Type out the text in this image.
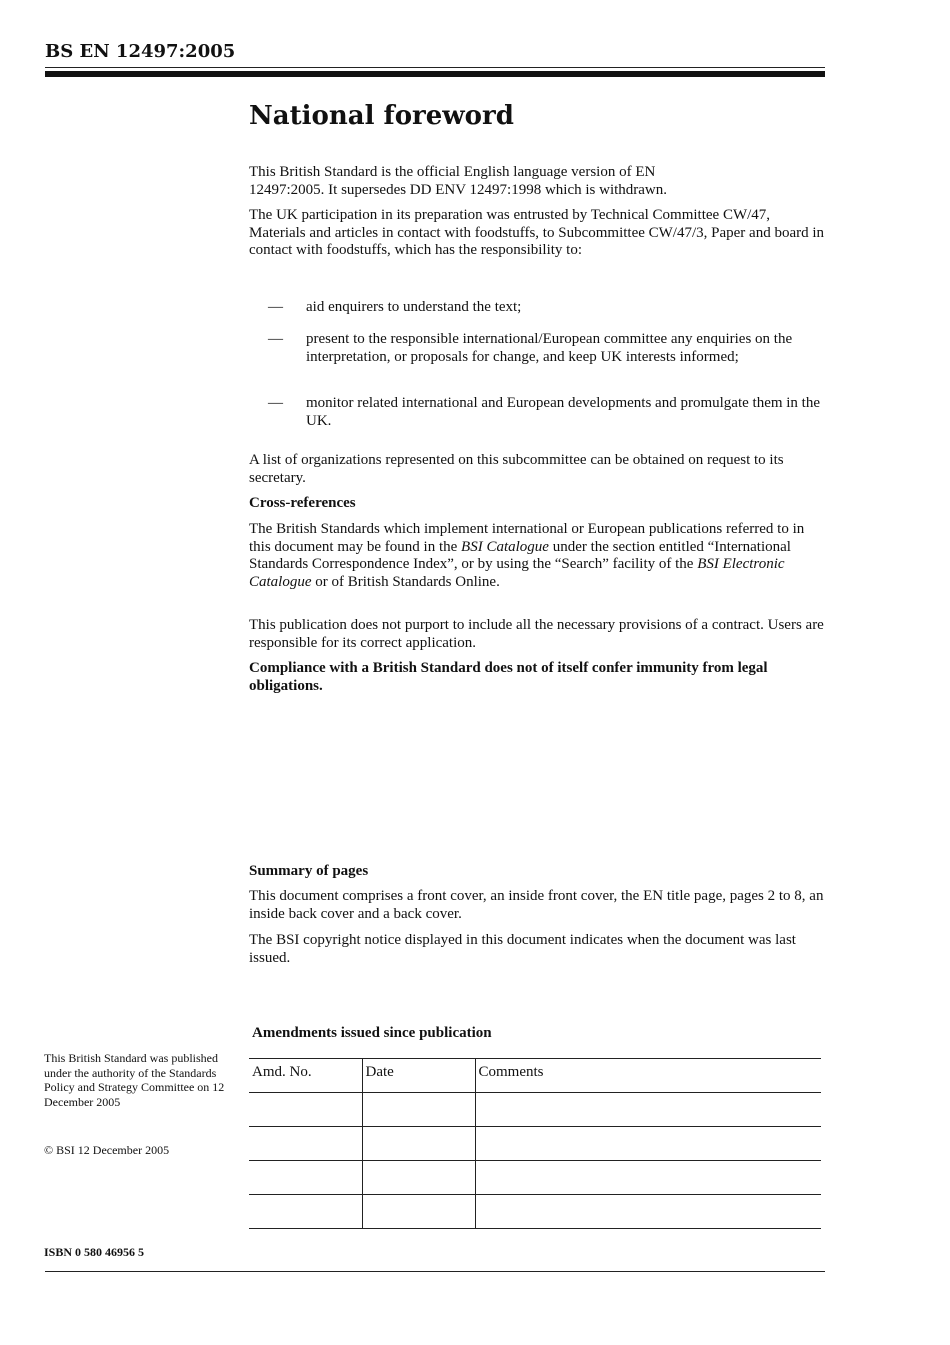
BS EN 12497:2005
National foreword

This British Standard is the official English language version of EN 12497:2005. It supersedes DD ENV 12497:1998 which is withdrawn.

The UK participation in its preparation was entrusted by Technical Committee CW/47, Materials and articles in contact with foodstuffs, to Subcommittee CW/47/3, Paper and board in contact with foodstuffs, which has the responsibility to:

— aid enquirers to understand the text;
— present to the responsible international/European committee any enquiries on the interpretation, or proposals for change, and keep UK interests informed;
— monitor related international and European developments and promulgate them in the UK.

A list of organizations represented on this subcommittee can be obtained on request to its secretary.

Cross-references

The British Standards which implement international or European publications referred to in this document may be found in the BSI Catalogue under the section entitled “International Standards Correspondence Index”, or by using the “Search” facility of the BSI Electronic Catalogue or of British Standards Online.

This publication does not purport to include all the necessary provisions of a contract. Users are responsible for its correct application.

Compliance with a British Standard does not of itself confer immunity from legal obligations.
Summary of pages

This document comprises a front cover, an inside front cover, the EN title page, pages 2 to 8, an inside back cover and a back cover.

The BSI copyright notice displayed in this document indicates when the document was last issued.

Amendments issued since publication
Amd. No.	Date	Comments

This British Standard was published under the authority of the Standards Policy and Strategy Committee on 12 December 2005
© BSI 12 December 2005
ISBN 0 580 46956 5
